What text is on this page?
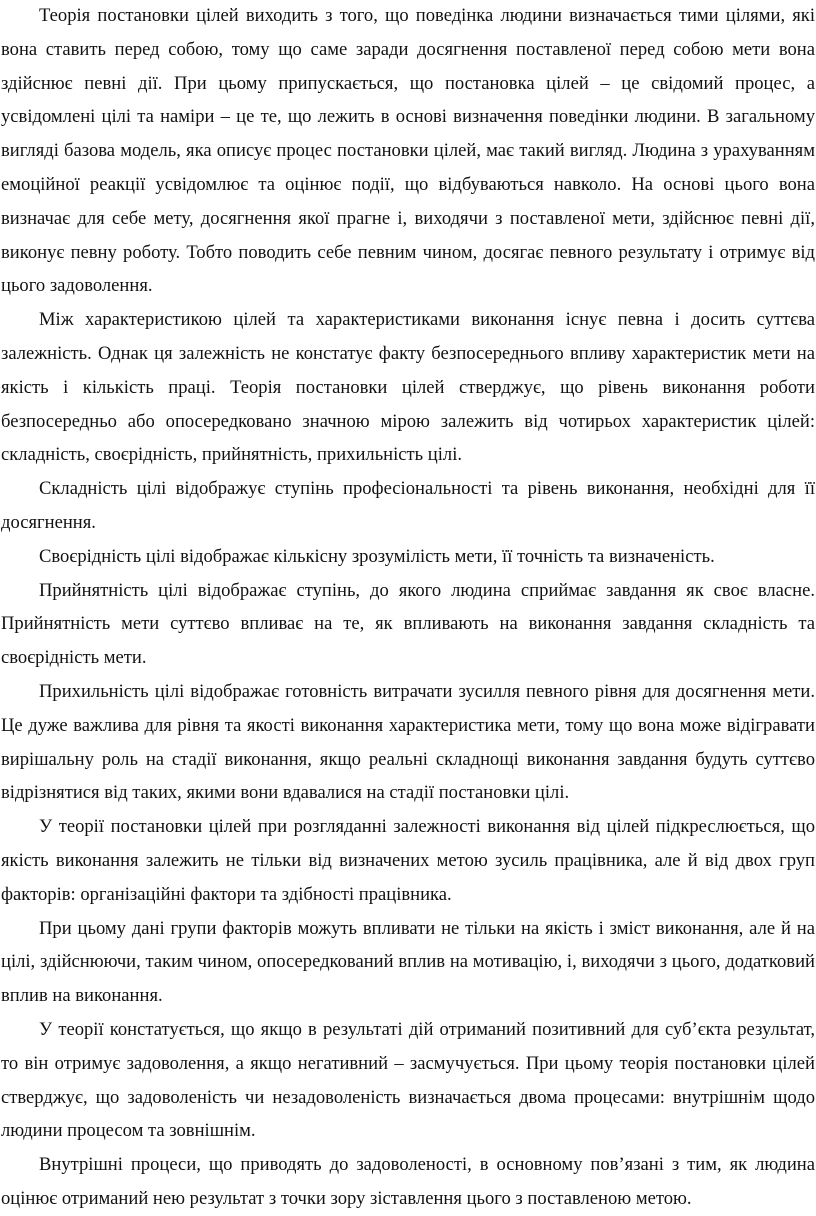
Теорія постановки цілей виходить з того, що поведінка людини визначається тими цілями, які вона ставить перед собою, тому що саме заради досягнення поставленої перед собою мети вона здійснює певні дії. При цьому припускається, що постановка цілей – це свідомий процес, а усвідомлені цілі та наміри – це те, що лежить в основі визначення поведінки людини. В загальному вигляді базова модель, яка описує процес постановки цілей, має такий вигляд. Людина з урахуванням емоційної реакції усвідомлює та оцінює події, що відбуваються навколо. На основі цього вона визначає для себе мету, досягнення якої прагне і, виходячи з поставленої мети, здійснює певні дії, виконує певну роботу. Тобто поводить себе певним чином, досягає певного результату і отримує від цього задоволення.

Між характеристикою цілей та характеристиками виконання існує певна і досить суттєва залежність. Однак ця залежність не констатує факту безпосереднього впливу характеристик мети на якість і кількість праці. Теорія постановки цілей стверджує, що рівень виконання роботи безпосередньо або опосередковано значною мірою залежить від чотирьох характеристик цілей: складність, своєрідність, прийнятність, прихильність цілі.

Складність цілі відображує ступінь професіональності та рівень виконання, необхідні для її досягнення.

Своєрідність цілі відображає кількісну зрозумілість мети, її точність та визначеність.

Прийнятність цілі відображає ступінь, до якого людина сприймає завдання як своє власне. Прийнятність мети суттєво впливає на те, як впливають на виконання завдання складність та своєрідність мети.

Прихильність цілі відображає готовність витрачати зусилля певного рівня для досягнення мети. Це дуже важлива для рівня та якості виконання характеристика мети, тому що вона може відігравати вирішальну роль на стадії виконання, якщо реальні складнощі виконання завдання будуть суттєво відрізнятися від таких, якими вони вдавалися на стадії постановки цілі.

У теорії постановки цілей при розгляданні залежності виконання від цілей підкреслюється, що якість виконання залежить не тільки від визначених метою зусиль працівника, але й від двох груп факторів: організаційні фактори та здібності працівника.

При цьому дані групи факторів можуть впливати не тільки на якість і зміст виконання, але й на цілі, здійснюючи, таким чином, опосередкований вплив на мотивацію, і, виходячи з цього, додатковий вплив на виконання.

У теорії констатується, що якщо в результаті дій отриманий позитивний для суб’єкта результат, то він отримує задоволення, а якщо негативний – засмучується. При цьому теорія постановки цілей стверджує, що задоволеність чи незадоволеність визначається двома процесами: внутрішнім щодо людини процесом та зовнішнім.

Внутрішні процеси, що приводять до задоволеності, в основному пов’язані з тим, як людина оцінює отриманий нею результат з точки зору зіставлення цього з поставленою метою.
